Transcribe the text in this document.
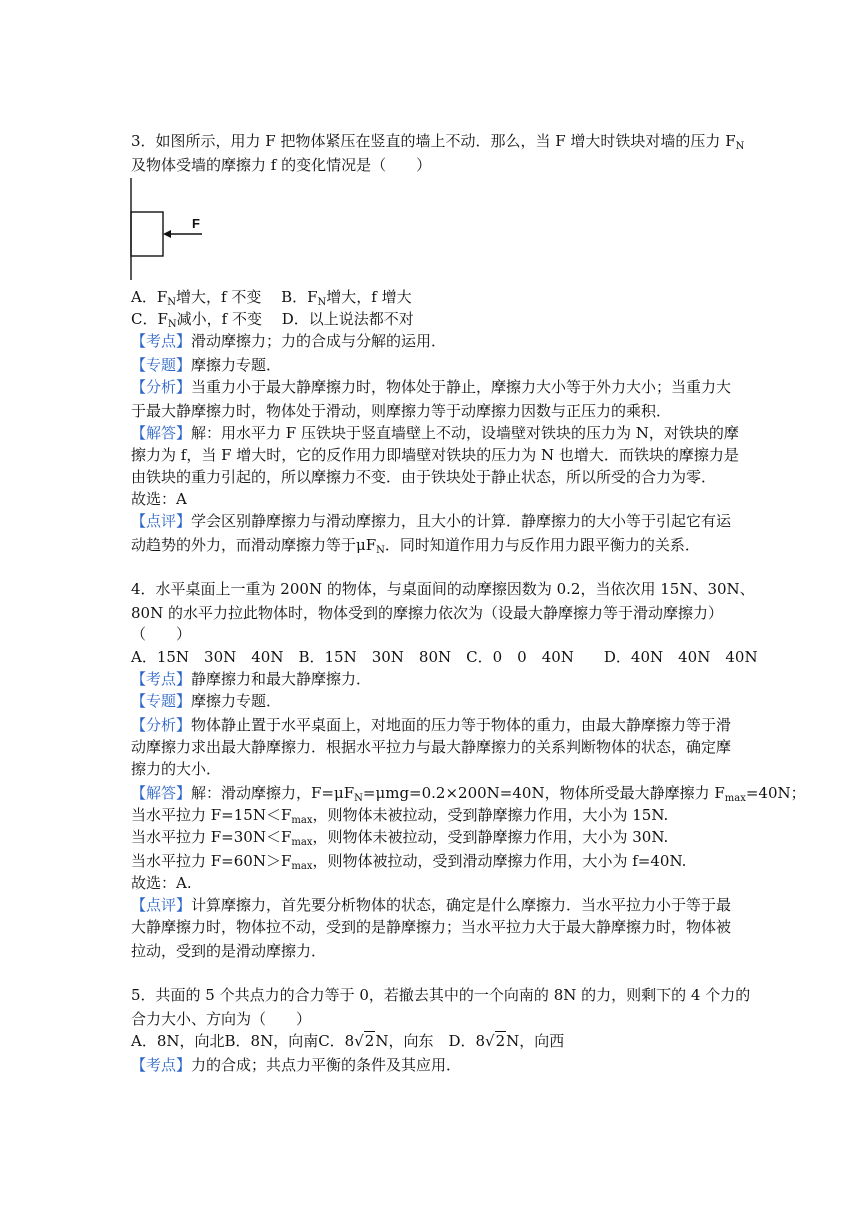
3．如图所示，用力 F 把物体紧压在竖直的墙上不动．那么，当 F 增大时铁块对墙的压力 $F_N$
及物体受墙的摩擦力 f 的变化情况是（　　）
F
A．$F_N$增大，f 不变  B．$F_N$增大，f 增大
C．$F_N$减小，f 不变  D．以上说法都不对
【考点】滑动摩擦力；力的合成与分解的运用．
【专题】摩擦力专题．
【分析】当重力小于最大静摩擦力时，物体处于静止，摩擦力大小等于外力大小；当重力大
于最大静摩擦力时，物体处于滑动，则摩擦力等于动摩擦力因数与正压力的乘积．
【解答】解：用水平力 F 压铁块于竖直墙壁上不动，设墙壁对铁块的压力为 N，对铁块的摩
擦力为 f，当 F 增大时，它的反作用力即墙壁对铁块的压力为 N 也增大．而铁块的摩擦力是
由铁块的重力引起的，所以摩擦力不变．由于铁块处于静止状态，所以所受的合力为零．
故选：A
【点评】学会区别静摩擦力与滑动摩擦力，且大小的计算．静摩擦力的大小等于引起它有运
动趋势的外力，而滑动摩擦力等于$\mu F_N$．同时知道作用力与反作用力跟平衡力的关系．
4．水平桌面上一重为 200N 的物体，与桌面间的动摩擦因数为 0.2，当依次用 15N、30N、
80N 的水平力拉此物体时，物体受到的摩擦力依次为（设最大静摩擦力等于滑动摩擦力）
（　　）
A．15N　30N　40N　B．15N　30N　80N　C．0　0　40N　　D．40N　40N　40N
【考点】静摩擦力和最大静摩擦力．
【专题】摩擦力专题．
【分析】物体静止置于水平桌面上，对地面的压力等于物体的重力，由最大静摩擦力等于滑
动摩擦力求出最大静摩擦力．根据水平拉力与最大静摩擦力的关系判断物体的状态，确定摩
擦力的大小．
【解答】解：滑动摩擦力，$F=\mu F_N=\mu mg=0.2\times 200N=40N$，物体所受最大静摩擦力 $F_{max}=40N$；
当水平拉力 $F=15N<F_{max}$，则物体未被拉动，受到静摩擦力作用，大小为 15N.
当水平拉力 $F=30N<F_{max}$，则物体未被拉动，受到静摩擦力作用，大小为 30N.
当水平拉力 $F=60N>F_{max}$，则物体被拉动，受到滑动摩擦力作用，大小为 f=40N.
故选：A.
【点评】计算摩擦力，首先要分析物体的状态，确定是什么摩擦力．当水平拉力小于等于最
大静摩擦力时，物体拉不动，受到的是静摩擦力；当水平拉力大于最大静摩擦力时，物体被
拉动，受到的是滑动摩擦力．
5．共面的 5 个共点力的合力等于 0，若撤去其中的一个向南的 8N 的力，则剩下的 4 个力的
合力大小、方向为（　　）
A．8N，向北B．8N，向南C．8√2N，向东　D．8√2N，向西
【考点】力的合成；共点力平衡的条件及其应用．
